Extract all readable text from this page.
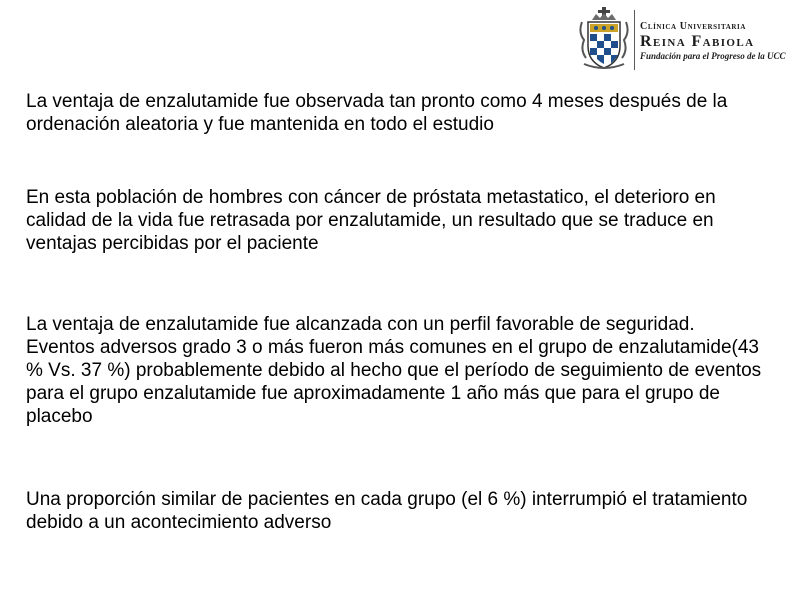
Clínica Universitaria
Reina Fabiola
Fundación para el Progreso de la UCC

La ventaja de enzalutamide fue observada tan pronto como 4 meses después de la ordenación aleatoria y fue mantenida en todo el estudio

En esta población de hombres con cáncer de próstata metastatico, el deterioro en calidad de la vida fue retrasada por enzalutamide, un resultado que se traduce en ventajas percibidas por el paciente

La ventaja de enzalutamide fue alcanzada con un perfil favorable de seguridad. Eventos adversos grado 3 o más fueron más comunes en el grupo de enzalutamide(43 % Vs. 37 %) probablemente debido al hecho que el período de seguimiento de eventos para el grupo enzalutamide fue aproximadamente 1 año más que para el grupo de placebo

Una proporción similar de pacientes en cada grupo (el 6 %) interrumpió el tratamiento debido a un acontecimiento adverso
